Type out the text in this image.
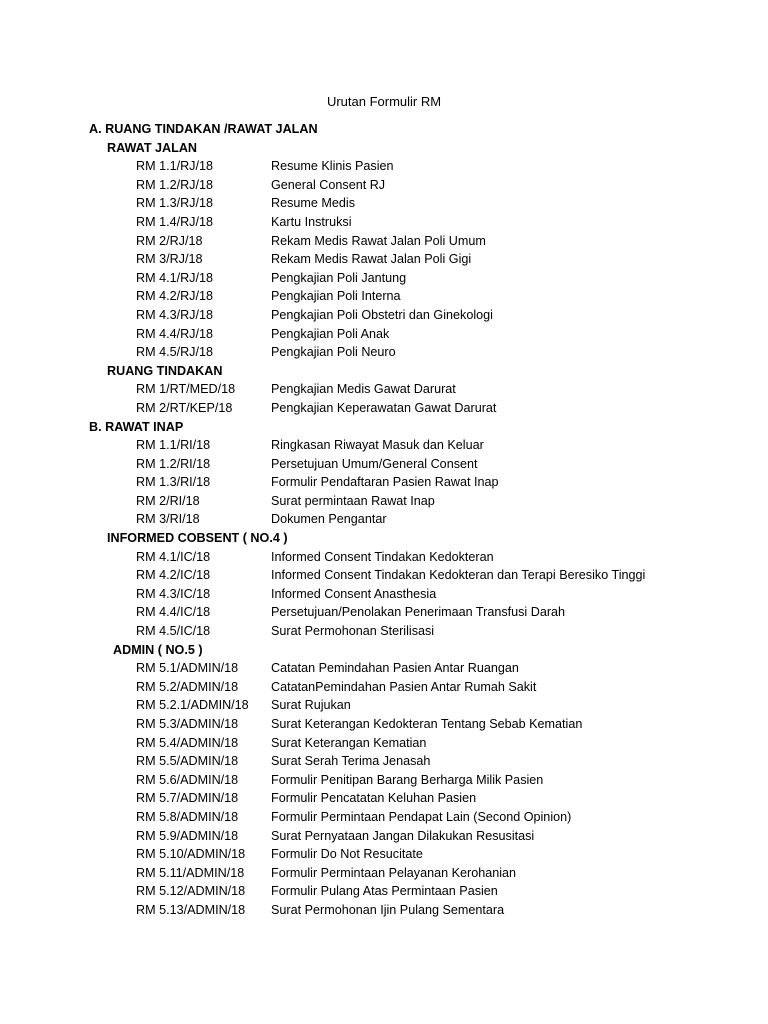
Urutan Formulir RM
A. RUANG TINDAKAN /RAWAT JALAN
RAWAT JALAN
RM 1.1/RJ/18	Resume Klinis Pasien
RM 1.2/RJ/18	General Consent RJ
RM 1.3/RJ/18	Resume Medis
RM 1.4/RJ/18	Kartu Instruksi
RM 2/RJ/18	Rekam Medis Rawat Jalan Poli Umum
RM 3/RJ/18	Rekam Medis Rawat Jalan Poli Gigi
RM 4.1/RJ/18	Pengkajian Poli Jantung
RM 4.2/RJ/18	Pengkajian Poli Interna
RM 4.3/RJ/18	Pengkajian Poli Obstetri dan Ginekologi
RM 4.4/RJ/18	Pengkajian Poli Anak
RM 4.5/RJ/18	Pengkajian Poli Neuro
RUANG TINDAKAN
RM 1/RT/MED/18	Pengkajian Medis Gawat Darurat
RM 2/RT/KEP/18	Pengkajian Keperawatan Gawat Darurat
B. RAWAT INAP
RM 1.1/RI/18	Ringkasan Riwayat Masuk dan Keluar
RM 1.2/RI/18	Persetujuan Umum/General Consent
RM 1.3/RI/18	Formulir Pendaftaran Pasien Rawat Inap
RM 2/RI/18	Surat permintaan Rawat Inap
RM 3/RI/18	Dokumen Pengantar
INFORMED COBSENT ( NO.4 )
RM 4.1/IC/18	Informed Consent Tindakan Kedokteran
RM 4.2/IC/18	Informed Consent Tindakan Kedokteran dan Terapi Beresiko Tinggi
RM 4.3/IC/18	Informed Consent Anasthesia
RM 4.4/IC/18	Persetujuan/Penolakan Penerimaan Transfusi Darah
RM 4.5/IC/18	Surat Permohonan Sterilisasi
ADMIN ( NO.5 )
RM 5.1/ADMIN/18	Catatan Pemindahan Pasien Antar Ruangan
RM 5.2/ADMIN/18	CatatanPemindahan Pasien Antar Rumah Sakit
RM 5.2.1/ADMIN/18 Surat Rujukan
RM 5.3/ADMIN/18	Surat Keterangan Kedokteran Tentang Sebab Kematian
RM 5.4/ADMIN/18	Surat Keterangan Kematian
RM 5.5/ADMIN/18	Surat Serah Terima Jenasah
RM 5.6/ADMIN/18	Formulir Penitipan Barang Berharga Milik Pasien
RM 5.7/ADMIN/18	Formulir Pencatatan Keluhan Pasien
RM 5.8/ADMIN/18	Formulir Permintaan Pendapat Lain (Second Opinion)
RM 5.9/ADMIN/18	Surat Pernyataan Jangan Dilakukan Resusitasi
RM 5.10/ADMIN/18 Formulir Do Not Resucitate
RM 5.11/ADMIN/18 Formulir Permintaan Pelayanan Kerohanian
RM 5.12/ADMIN/18 Formulir Pulang Atas Permintaan Pasien
RM 5.13/ADMIN/18 Surat Permohonan Ijin Pulang Sementara
